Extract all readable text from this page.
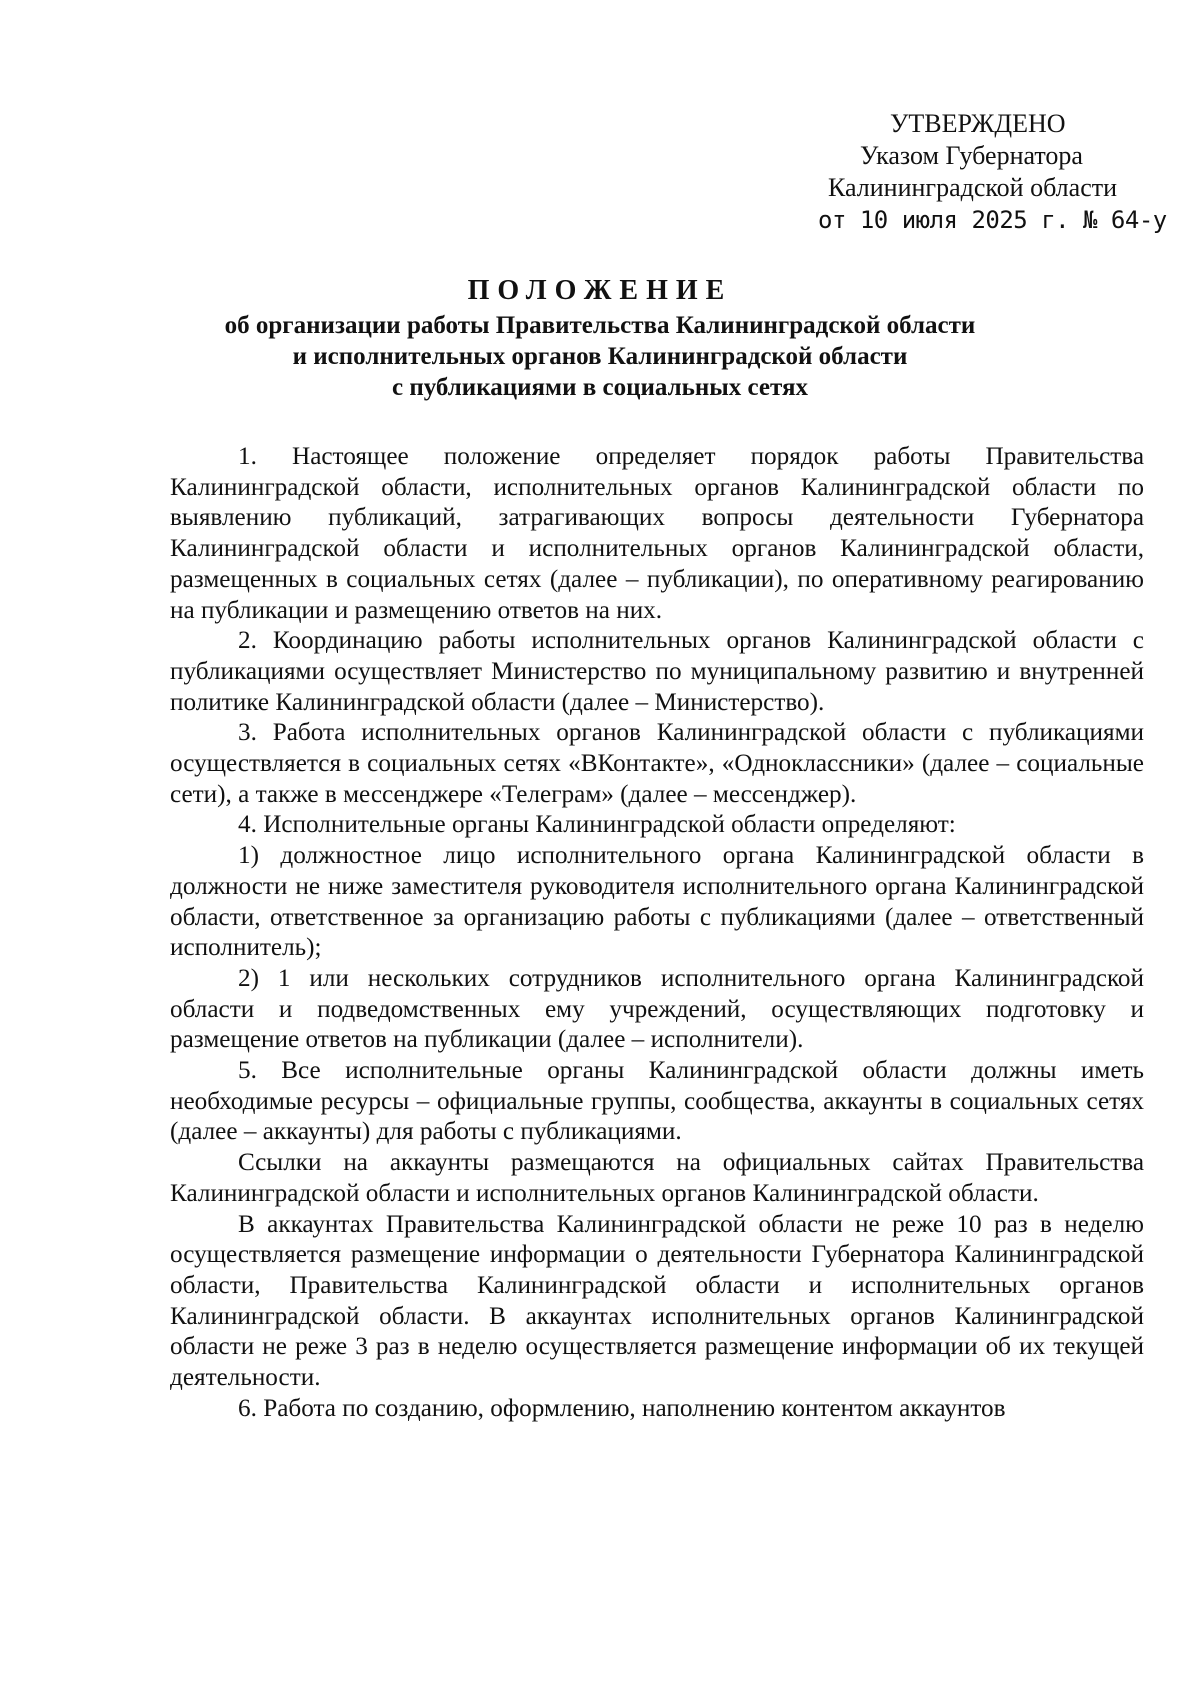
УТВЕРЖДЕНО
Указом Губернатора
Калининградской области
от 10 июля 2025 г. № 64-у
ПОЛОЖЕНИЕ
об организации работы Правительства Калининградской области
и исполнительных органов Калининградской области
с публикациями в социальных сетях

1. Настоящее положение определяет порядок работы Правительства Калининградской области, исполнительных органов Калининградской области по выявлению публикаций, затрагивающих вопросы деятельности Губернатора Калининградской области и исполнительных органов Калининградской области, размещенных в социальных сетях (далее – публикации), по оперативному реагированию на публикации и размещению ответов на них.

2. Координацию работы исполнительных органов Калининградской области с публикациями осуществляет Министерство по муниципальному развитию и внутренней политике Калининградской области (далее – Министерство).

3. Работа исполнительных органов Калининградской области с публикациями осуществляется в социальных сетях «ВКонтакте», «Одноклассники» (далее – социальные сети), а также в мессенджере «Телеграм» (далее – мессенджер).

4. Исполнительные органы Калининградской области определяют:

1) должностное лицо исполнительного органа Калининградской области в должности не ниже заместителя руководителя исполнительного органа Калининградской области, ответственное за организацию работы с публикациями (далее – ответственный исполнитель);

2) 1 или нескольких сотрудников исполнительного органа Калининградской области и подведомственных ему учреждений, осуществляющих подготовку и размещение ответов на публикации (далее – исполнители).

5. Все исполнительные органы Калининградской области должны иметь необходимые ресурсы – официальные группы, сообщества, аккаунты в социальных сетях (далее – аккаунты) для работы с публикациями.

Ссылки на аккаунты размещаются на официальных сайтах Правительства Калининградской области и исполнительных органов Калининградской области.

В аккаунтах Правительства Калининградской области не реже 10 раз в неделю осуществляется размещение информации о деятельности Губернатора Калининградской области, Правительства Калининградской области и исполнительных органов Калининградской области. В аккаунтах исполнительных органов Калининградской области не реже 3 раз в неделю осуществляется размещение информации об их текущей деятельности.

6. Работа по созданию, оформлению, наполнению контентом аккаунтов
